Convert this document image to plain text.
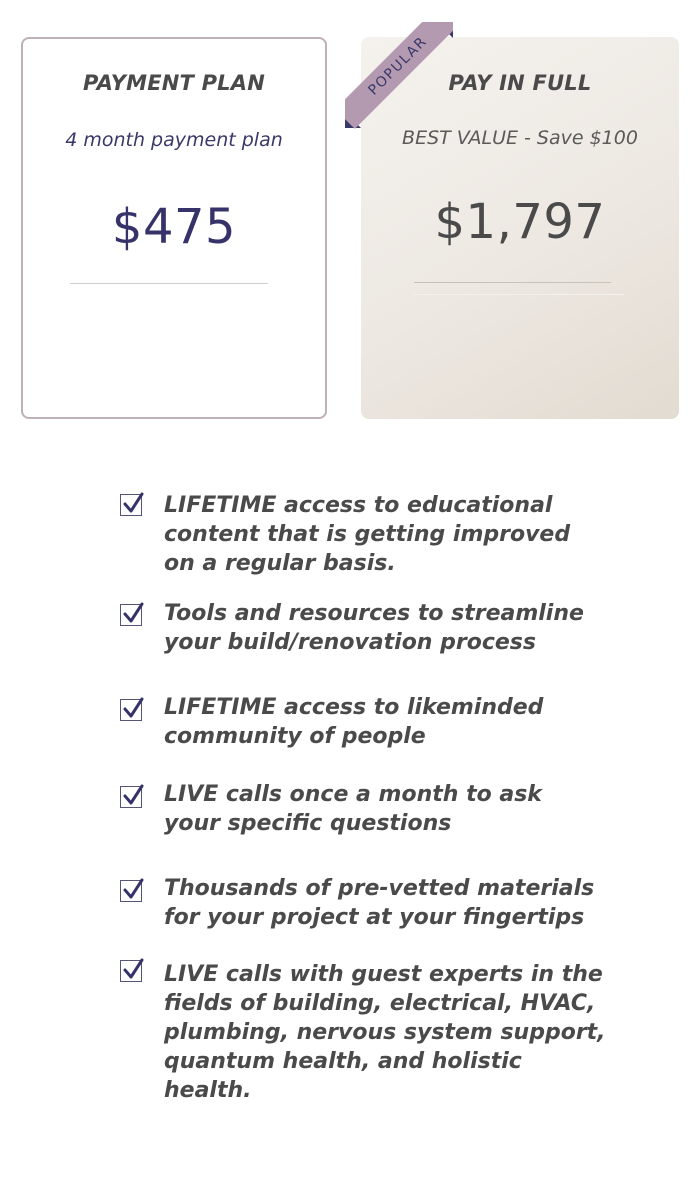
PAYMENT PLAN
4 month payment plan
$475
PAY IN FULL
BEST VALUE - Save $100
$1,797
POPULAR
LIFETIME access to educational
content that is getting improved
on a regular basis.
Tools and resources to streamline
your build/renovation process
LIFETIME access to likeminded
community of people
LIVE calls once a month to ask
your specific questions
Thousands of pre-vetted materials
for your project at your fingertips
LIVE calls with guest experts in the
fields of building, electrical, HVAC,
plumbing, nervous system support,
quantum health, and holistic
health.
